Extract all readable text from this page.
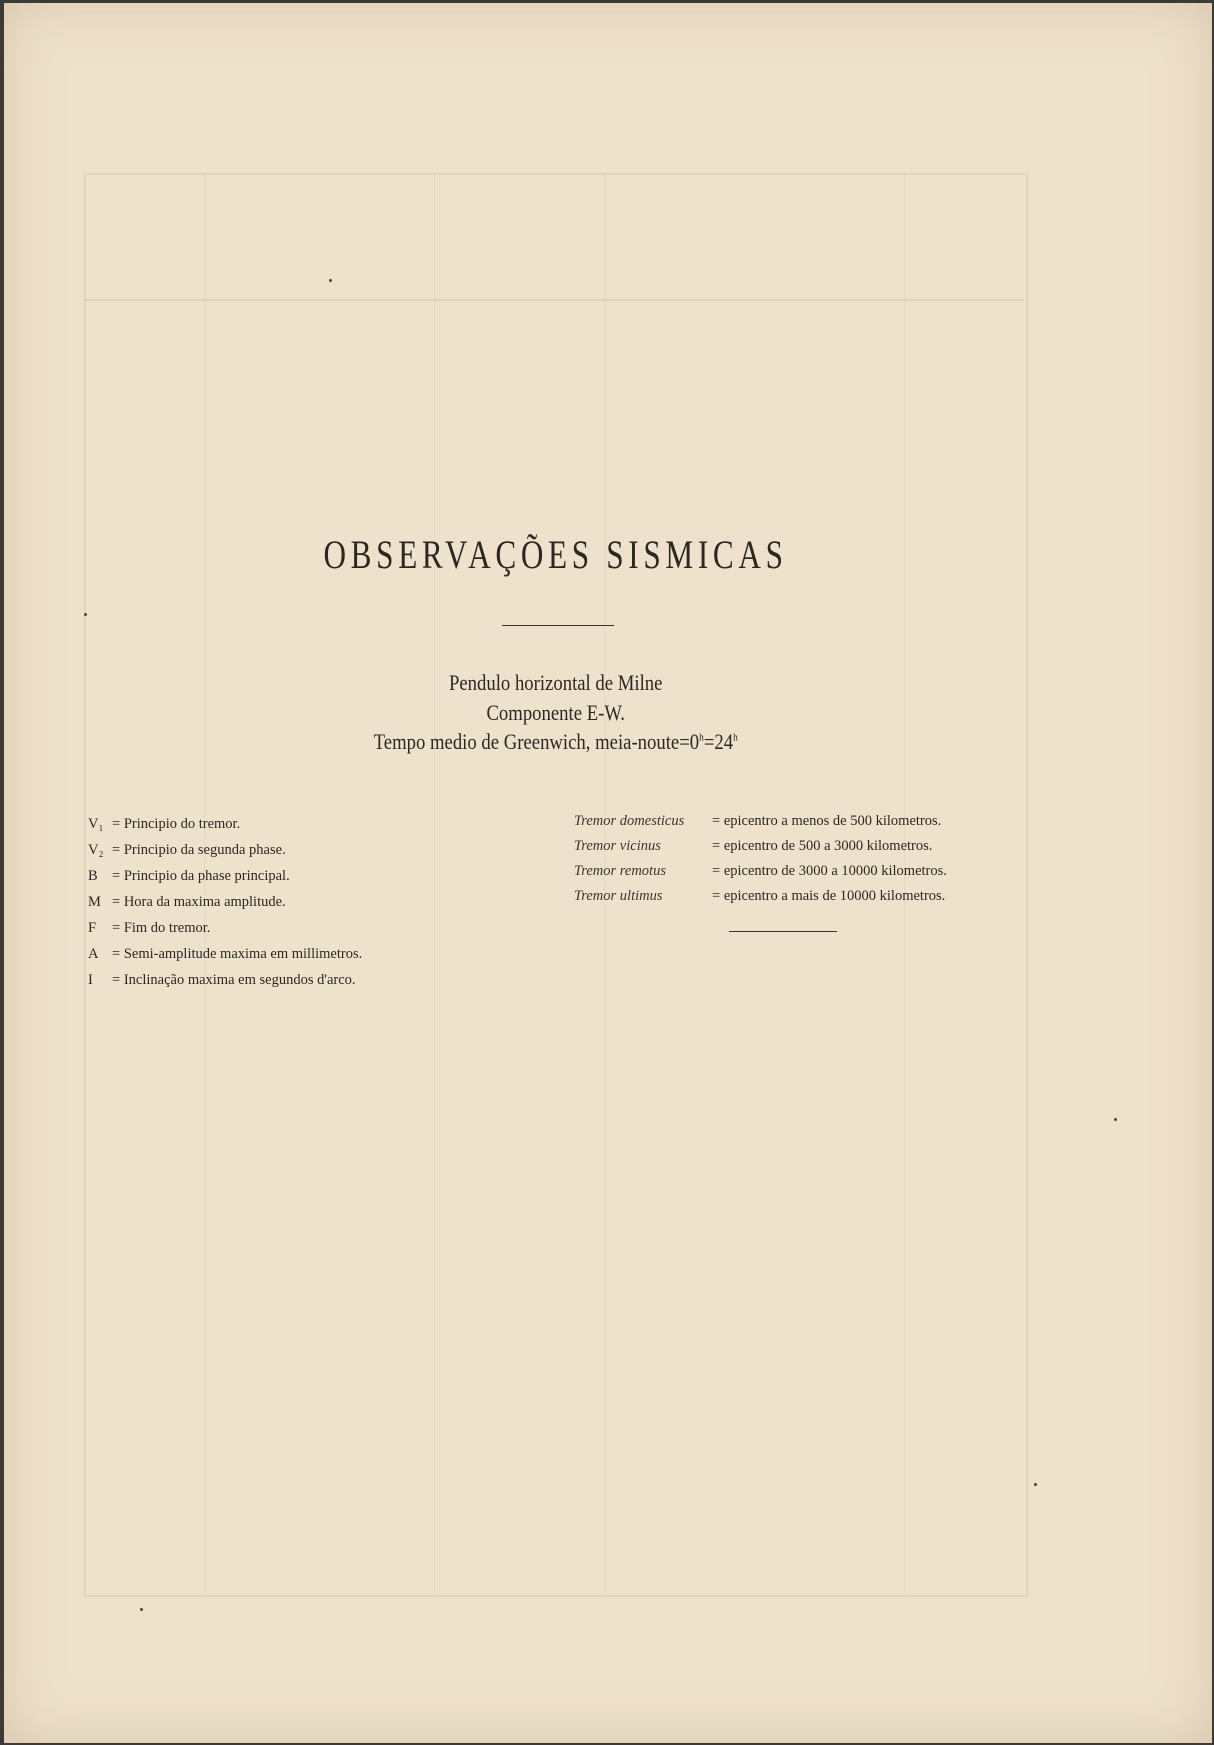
OBSERVAÇÕES SISMICAS
Pendulo horizontal de Milne
Componente E-W.
Tempo medio de Greenwich, meia-$noute=0^h=24^h$
V₁ = Principio do tremor.
V₂ = Principio da segunda phase.
B = Principio da phase principal.
M = Hora da maxima amplitude.
F = Fim do tremor.
A = Semi-amplitude maxima em millimetros.
I = Inclinação maxima em segundos d'arco.
Tremor domesticus = epicentro a menos de 500 kilometros.
Tremor vicinus	= epicentro de 500 a 3000 kilometros.
Tremor remotus	= epicentro de 3000 a 10000 kilometros.
Tremor ultimus	= epicentro a mais de 10000 kilometros.
